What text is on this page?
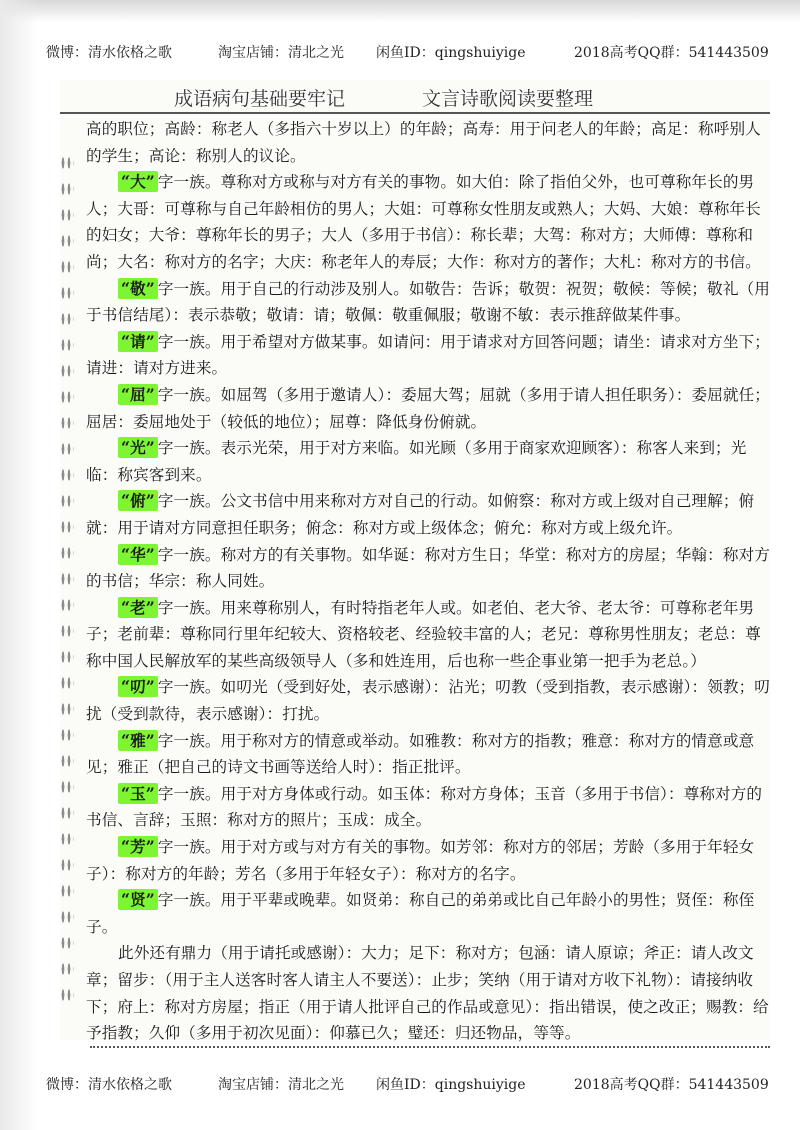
微博：清水依格之歌	淘宝店铺：清北之光 闲鱼ID：qingshuiyige	2018高考QQ群：541443509
成语病句基础要牢记	文言诗歌阅读要整理

高的职位；高龄：称老人（多指六十岁以上）的年龄；高寿：用于问老人的年龄；高足：称呼别人的学生；高论：称别人的议论。

“大” 字一族。尊称对方或称与对方有关的事物。如大伯：除了指伯父外，也可尊称年长的男人；大哥：可尊称与自己年龄相仿的男人；大姐：可尊称女性朋友或熟人；大妈、大娘：尊称年长的妇女；大爷：尊称年长的男子；大人（多用于书信）：称长辈；大驾：称对方；大师傅：尊称和尚；大名：称对方的名字；大庆：称老年人的寿辰；大作：称对方的著作；大札：称对方的书信。

“敬” 字一族。用于自己的行动涉及别人。如敬告：告诉；敬贺：祝贺；敬候：等候；敬礼（用于书信结尾）：表示恭敬；敬请：请；敬佩：敬重佩服；敬谢不敏：表示推辞做某件事。

“请” 字一族。用于希望对方做某事。如请问：用于请求对方回答问题；请坐：请求对方坐下；请进：请对方进来。

“屈” 字一族。如屈驾（多用于邀请人）：委屈大驾；屈就（多用于请人担任职务）：委屈就任；屈居：委屈地处于（较低的地位）；屈尊：降低身份俯就。

“光” 字一族。表示光荣，用于对方来临。如光顾（多用于商家欢迎顾客）：称客人来到；光临：称宾客到来。

“俯” 字一族。公文书信中用来称对方对自己的行动。如俯察：称对方或上级对自己理解；俯就：用于请对方同意担任职务；俯念：称对方或上级体念；俯允：称对方或上级允许。

“华” 字一族。称对方的有关事物。如华诞：称对方生日；华堂：称对方的房屋；华翰：称对方的书信；华宗：称人同姓。

“老” 字一族。用来尊称别人，有时特指老年人或。如老伯、老大爷、老太爷：可尊称老年男子；老前辈：尊称同行里年纪较大、资格较老、经验较丰富的人；老兄：尊称男性朋友；老总：尊称中国人民解放军的某些高级领导人（多和姓连用，后也称一些企事业第一把手为老总。）

“叨” 字一族。如叨光（受到好处，表示感谢）：沾光；叨教（受到指教，表示感谢）：领教；叨扰（受到款待，表示感谢）：打扰。

“雅” 字一族。用于称对方的情意或举动。如雅教：称对方的指教；雅意：称对方的情意或意见；雅正（把自己的诗文书画等送给人时）：指正批评。

“玉” 字一族。用于对方身体或行动。如玉体：称对方身体；玉音（多用于书信）：尊称对方的书信、言辞；玉照：称对方的照片；玉成：成全。

“芳” 字一族。用于对方或与对方有关的事物。如芳邻：称对方的邻居；芳龄（多用于年轻女子）：称对方的年龄；芳名（多用于年轻女子）：称对方的名字。

“贤” 字一族。用于平辈或晚辈。如贤弟：称自己的弟弟或比自己年龄小的男性；贤侄：称侄子。

此外还有鼎力（用于请托或感谢）：大力；足下：称对方；包涵：请人原谅；斧正：请人改文章；留步：（用于主人送客时客人请主人不要送）：止步；笑纳（用于请对方收下礼物）：请接纳收下；府上：称对方房屋；指正（用于请人批评自己的作品或意见）：指出错误，使之改正；赐教：给予指教；久仰（多用于初次见面）：仰慕已久；璧还：归还物品，等等。

微博：清水依格之歌	淘宝店铺：清北之光 闲鱼ID：qingshuiyige	2018高考QQ群：541443509
